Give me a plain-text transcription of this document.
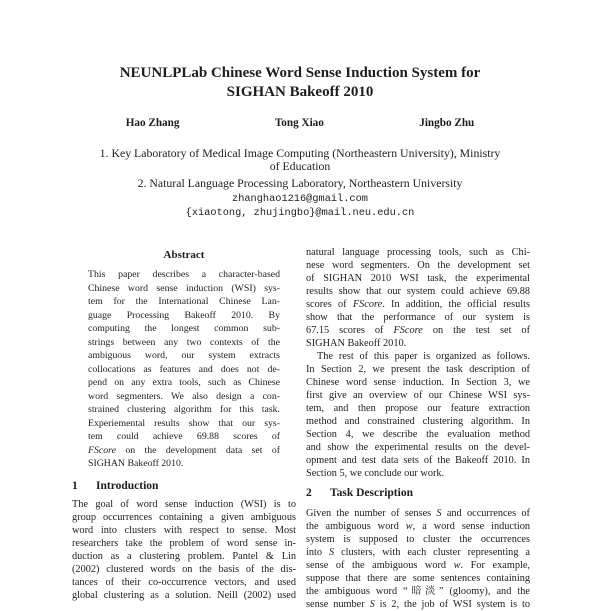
NEUNLPLab Chinese Word Sense Induction System for
SIGHAN Bakeoff 2010
Hao Zhang	Tong Xiao	Jingbo Zhu
1. Key Laboratory of Medical Image Computing (Northeastern University), Ministry
of Education
2. Natural Language Processing Laboratory, Northeastern University
zhanghao1216@gmail.com
{xiaotong, zhujingbo}@mail.neu.edu.cn
Abstract
This paper describes a character-based
Chinese word sense induction (WSI) sys-
tem for the International Chinese Lan-
guage Processing Bakeoff 2010. By
computing the longest common sub-
strings between any two contexts of the
ambiguous word, our system extracts
collocations as features and does not de-
pend on any extra tools, such as Chinese
word segmenters. We also design a con-
strained clustering algorithm for this task.
Experiemental results show that our sys-
tem could achieve 69.88 scores of
FScore on the development data set of
SIGHAN Bakeoff 2010.
1 Introduction
The goal of word sense induction (WSI) is to
group occurrences containing a given ambiguous
word into clusters with respect to sense. Most
researchers take the problem of word sense in-
duction as a clustering problem. Pantel & Lin
(2002) clustered words on the basis of the dis-
tances of their co-occurrence vectors, and used
global clustering as a solution. Neill (2002) used
natural language processing tools, such as Chi-
nese word segmenters. On the development set
of SIGHAN 2010 WSI task, the experimental
results show that our system could achieve 69.88
scores of FScore. In addition, the official results
show that the performance of our system is
67.15 scores of FScore on the test set of
SIGHAN Bakeoff 2010.
The rest of this paper is organized as follows.
In Section 2, we present the task description of
Chinese word sense induction. In Section 3, we
first give an overview of our Chinese WSI sys-
tem, and then propose our feature extraction
method and constrained clustering algorithm. In
Section 4, we describe the evaluation method
and show the experimental results on the devel-
opment and test data sets of the Bakeoff 2010. In
Section 5, we conclude our work.
2 Task Description
Given the number of senses S and occurrences of
the ambiguous word w, a word sense induction
system is supposed to cluster the occurrences
into S clusters, with each cluster representing a
sense of the ambiguous word w. For example,
suppose that there are some sentences containing
the ambiguous word “暗淡” (gloomy), and the
sense number S is 2, the job of WSI system is to
